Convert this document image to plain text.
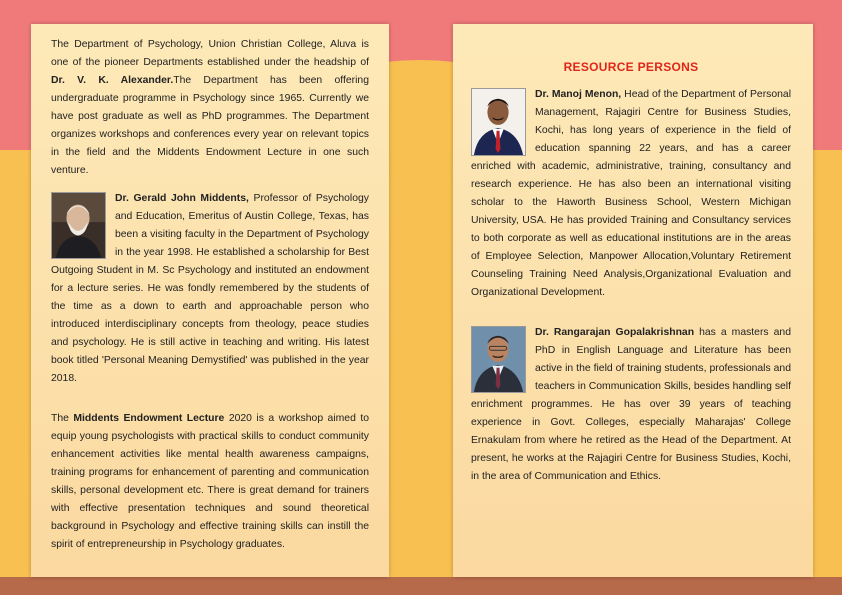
The Department of Psychology, Union Christian College, Aluva is one of the pioneer Departments established under the headship of Dr. V. K. Alexander.The Department has been offering undergraduate programme in Psychology since 1965. Currently we have post graduate as well as PhD programmes. The Department organizes workshops and conferences every year on relevant topics in the field and the Middents Endowment Lecture in one such venture.

Dr. Gerald John Middents, Professor of Psychology and Education, Emeritus of Austin College, Texas, has been a visiting faculty in the Department of Psychology in the year 1998. He established a scholarship for Best Outgoing Student in M. Sc Psychology and instituted an endowment for a lecture series. He was fondly remembered by the students of the time as a down to earth and approachable person who introduced interdisciplinary concepts from theology, peace studies and psychology. He is still active in teaching and writing. His latest book titled 'Personal Meaning Demystified' was published in the year 2018.

The Middents Endowment Lecture 2020 is a workshop aimed to equip young psychologists with practical skills to conduct community enhancement activities like mental health awareness campaigns, training programs for enhancement of parenting and communication skills, personal development etc. There is great demand for trainers with effective presentation techniques and sound theoretical background in Psychology and effective training skills can instill the spirit of entrepreneurship in Psychology graduates.

RESOURCE PERSONS

Dr. Manoj Menon, Head of the Department of Personal Management, Rajagiri Centre for Business Studies, Kochi, has long years of experience in the field of education spanning 22 years, and has a career enriched with academic, administrative, training, consultancy and research experience. He has also been an international visiting scholar to the Haworth Business School, Western Michigan University, USA. He has provided Training and Consultancy services to both corporate as well as educational institutions are in the areas of Employee Selection, Manpower Allocation,Voluntary Retirement Counseling Training Need Analysis,Organizational Evaluation and Organizational Development.

Dr. Rangarajan Gopalakrishnan has a masters and PhD in English Language and Literature has been active in the field of training students, professionals and teachers in Communication Skills, besides handling self enrichment programmes. He has over 39 years of teaching experience in Govt. Colleges, especially Maharajas' College Ernakulam from where he retired as the Head of the Department. At present, he works at the Rajagiri Centre for Business Studies, Kochi, in the area of Communication and Ethics.
